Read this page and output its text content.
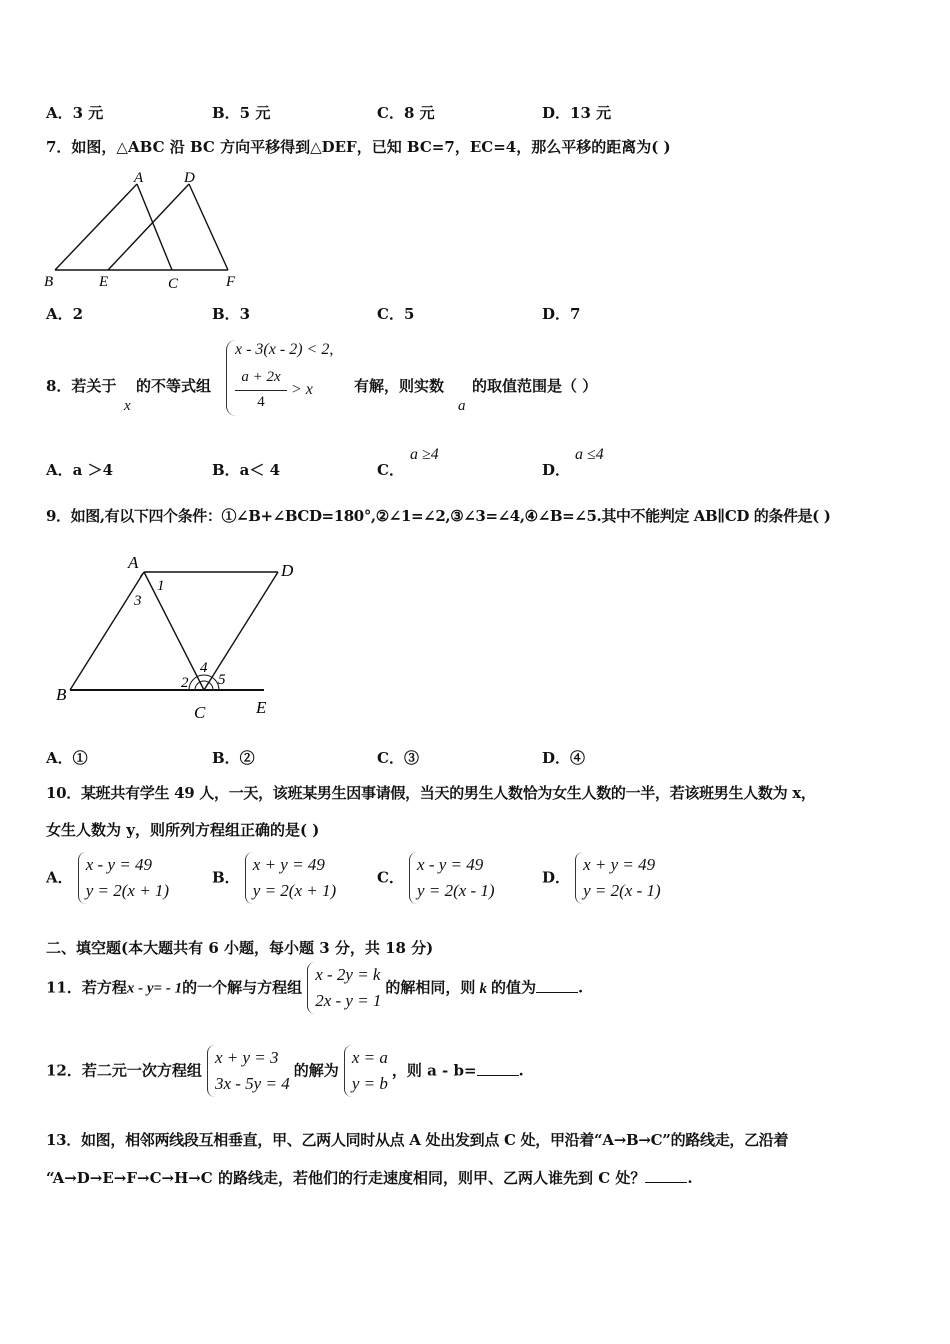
A．3 元	B．5 元	C．8 元	D．13 元
7．如图，△ABC 沿 BC 方向平移得到△DEF，已知 BC=7，EC=4，那么平移的距离为( )
A	D
B	E	C	F
A．2	B．3	C．5	D．7
8．若关于 的不等式组
x
x - 3(x - 2) < 2,
a + 2x
4
> x	有解，则实数
a
的取值范围是（ ）
A．a ＞4	B．a＜ 4	C．
a ≥4
D．
a ≤4
9．如图,有以下四个条件：①∠B+∠BCD=180°,②∠1=∠2,③∠3=∠4,④∠B=∠5.其中不能判定 AB∥CD 的条件是( )
A	D
B
C	E
1
3
2
4
5
A．①	B．②	C．③	D．④
10．某班共有学生 49 人，一天，该班某男生因事请假，当天的男生人数恰为女生人数的一半，若该班男生人数为 x，
女生人数为 y，则所列方程组正确的是( )
A． x - y = 49
y = 2(x + 1)
B． x + y = 49
y = 2(x + 1)
C． x - y = 49
y = 2(x - 1)
D． x + y = 49
y = 2(x - 1)
二、填空题(本大题共有 6 小题，每小题 3 分，共 18 分)
11．若方程x - y= - 1的一个解与方程组 x - 2y = k
2x - y = 1的解相同，则 k 的值为	.
12．若二元一次方程组 x + y = 3
3x - 5y = 4的解为 x = a
y = b，则 a - b=	.
13．如图，相邻两线段互相垂直，甲、乙两人同时从点 A 处出发到点 C 处，甲沿着“A→B→C”的路线走，乙沿着
“A→D→E→F→C→H→C 的路线走，若他们的行走速度相同，则甲、乙两人谁先到 C 处？	.
